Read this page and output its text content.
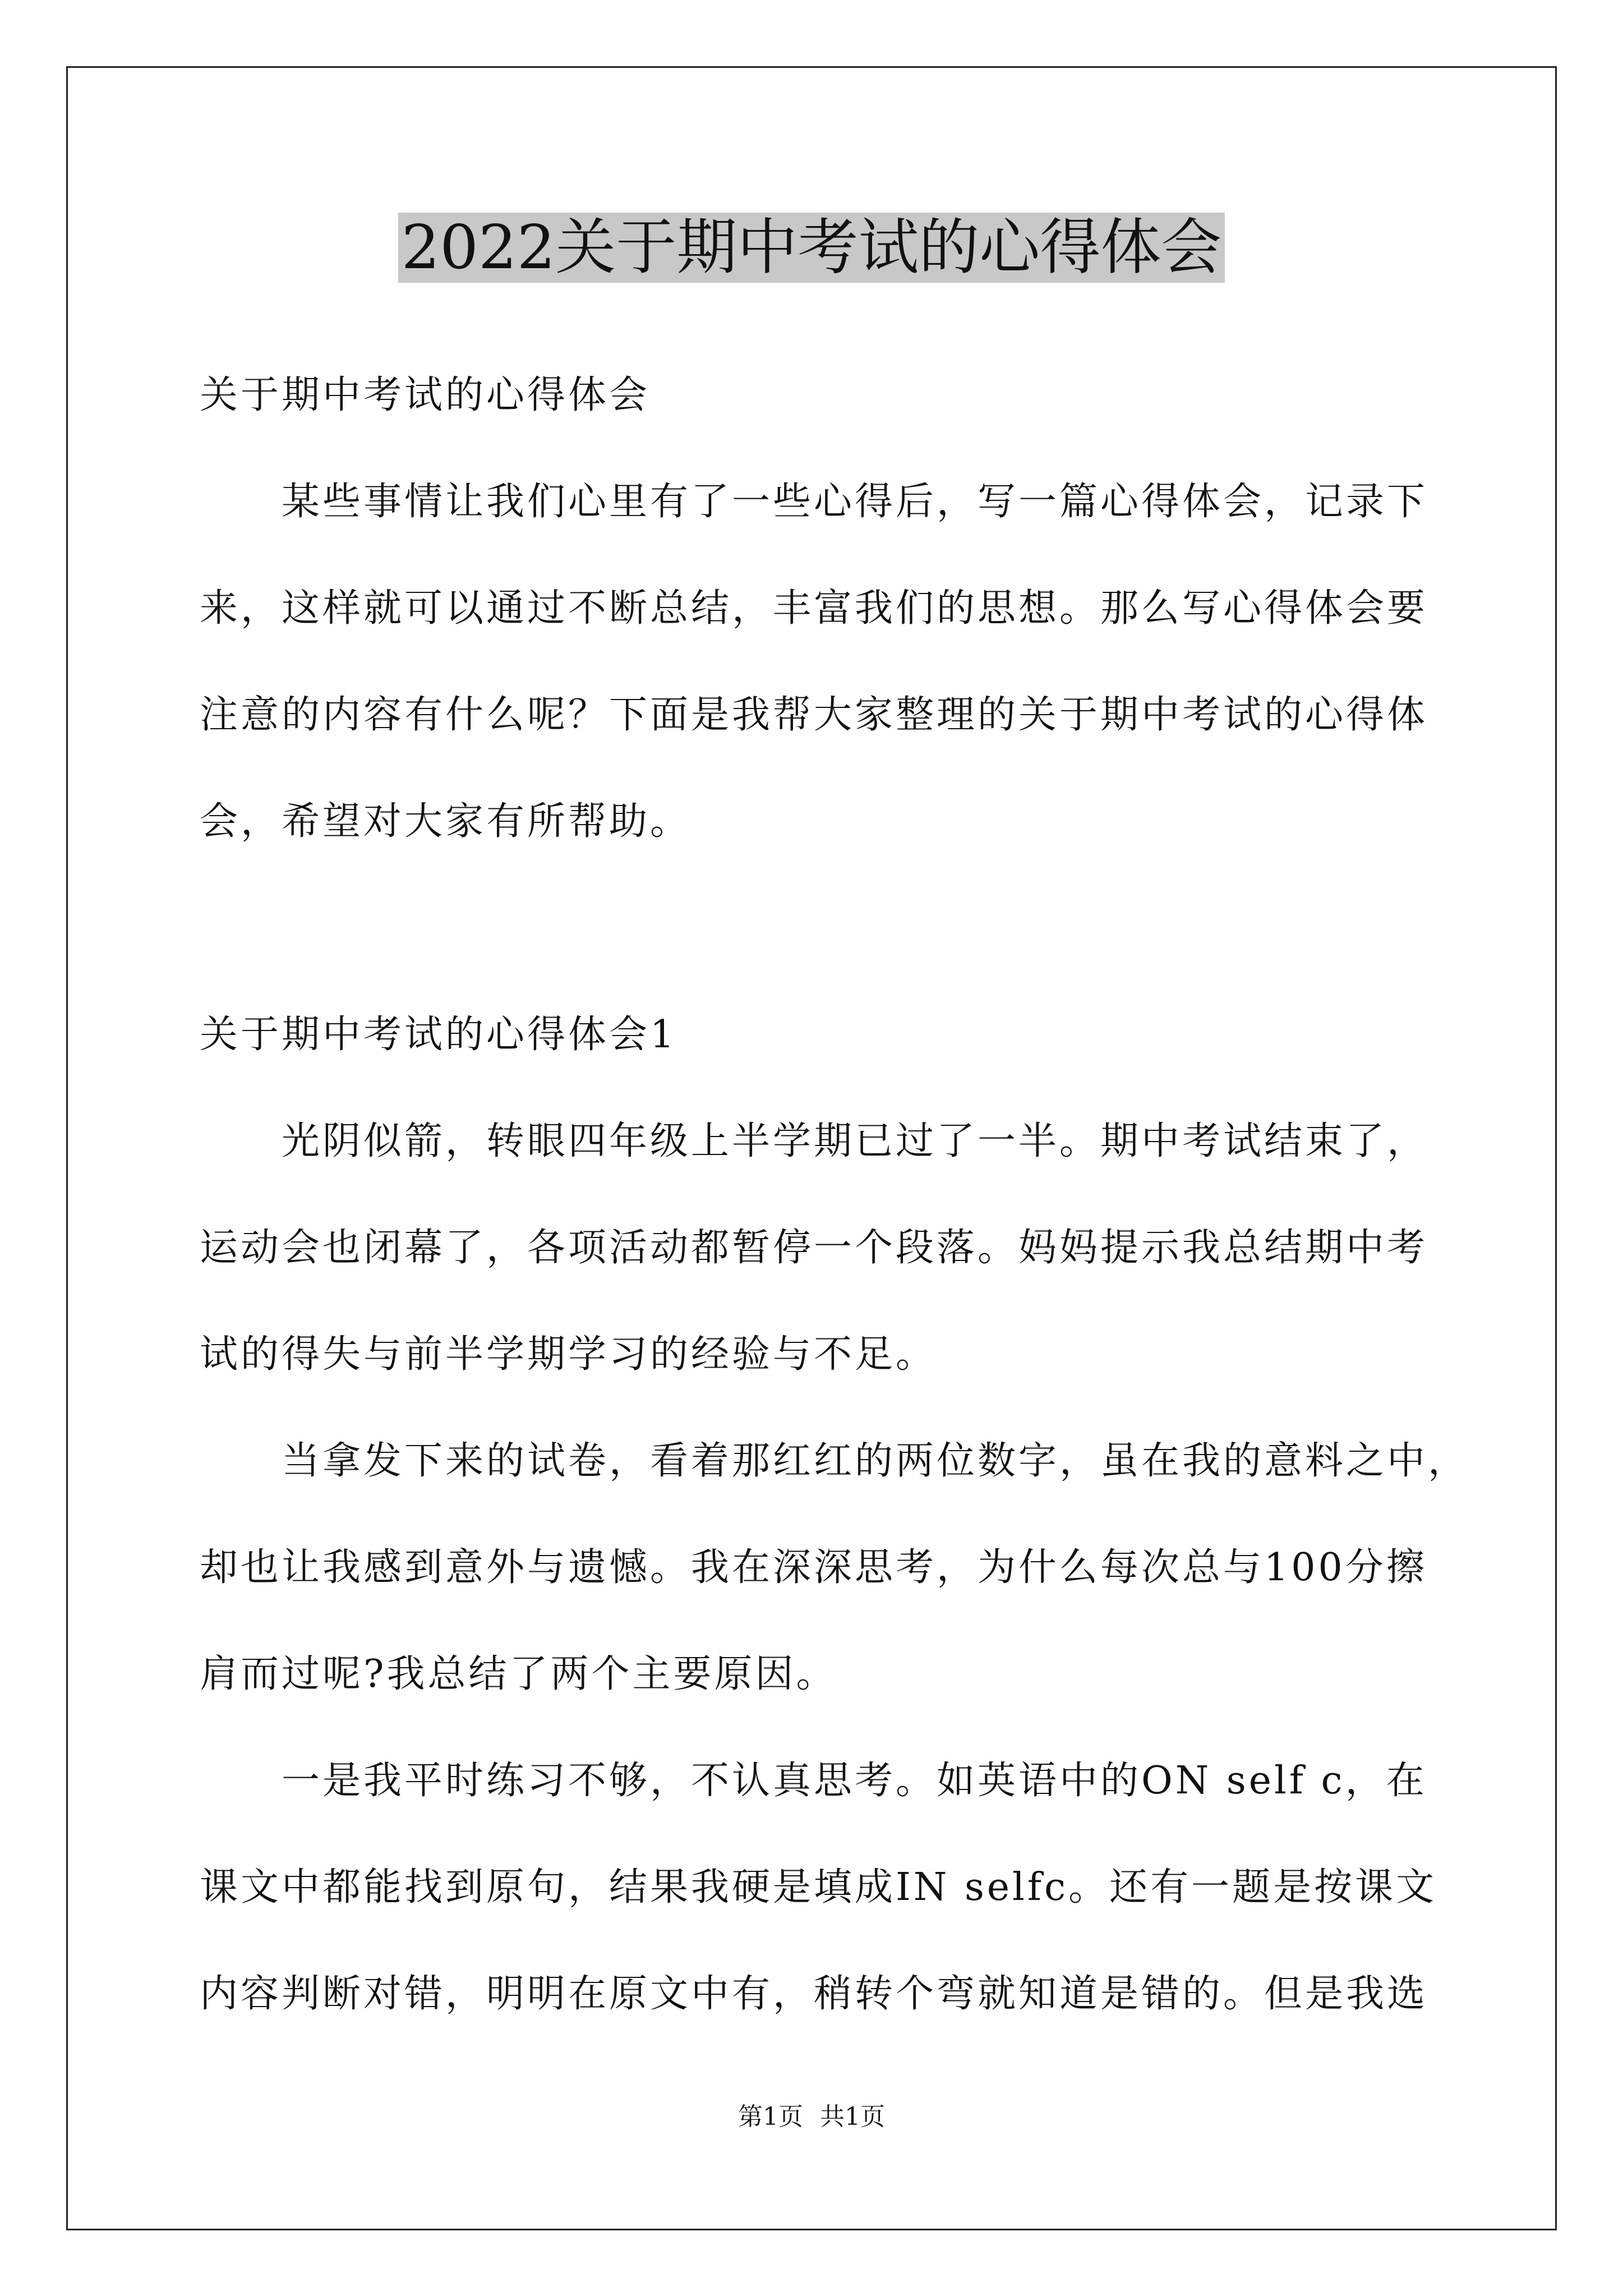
2022关于期中考试的心得体会
关于期中考试的心得体会
某些事情让我们心里有了一些心得后，写一篇心得体会，记录下
来，这样就可以通过不断总结，丰富我们的思想。那么写心得体会要
注意的内容有什么呢？下面是我帮大家整理的关于期中考试的心得体
会，希望对大家有所帮助。
关于期中考试的心得体会1
光阴似箭，转眼四年级上半学期已过了一半。期中考试结束了，
运动会也闭幕了，各项活动都暂停一个段落。妈妈提示我总结期中考
试的得失与前半学期学习的经验与不足。
当拿发下来的试卷，看着那红红的两位数字，虽在我的意料之中，
却也让我感到意外与遗憾。我在深深思考，为什么每次总与100分擦
肩而过呢?我总结了两个主要原因。
一是我平时练习不够，不认真思考。如英语中的ON self c，在
课文中都能找到原句，结果我硬是填成IN selfc。还有一题是按课文
内容判断对错，明明在原文中有，稍转个弯就知道是错的。但是我选
第1页 共1页
